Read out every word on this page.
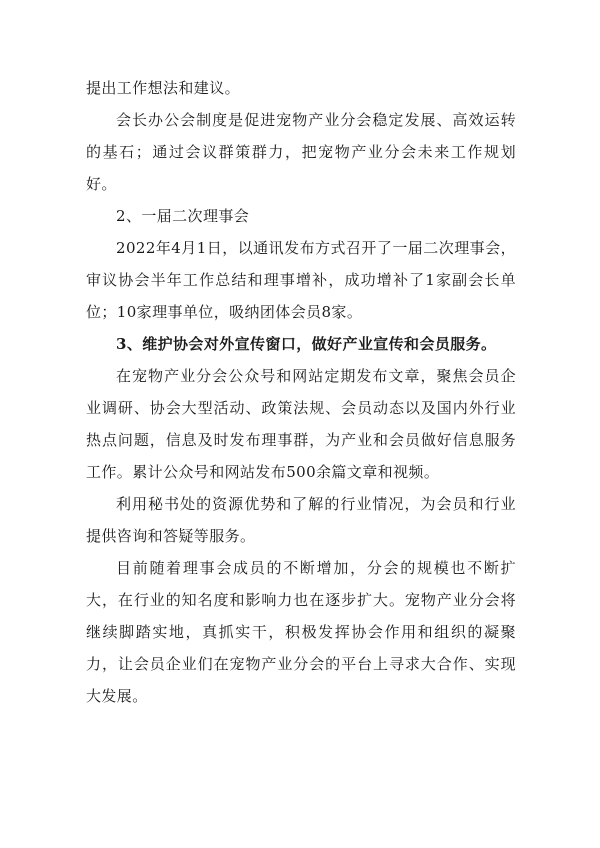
提出工作想法和建议。

会长办公会制度是促进宠物产业分会稳定发展、高效运转的基石；通过会议群策群力，把宠物产业分会未来工作规划好。

2、一届二次理事会

2022年4月1日，以通讯发布方式召开了一届二次理事会，审议协会半年工作总结和理事增补，成功增补了1家副会长单位；10家理事单位，吸纳团体会员8家。

3、维护协会对外宣传窗口，做好产业宣传和会员服务。

在宠物产业分会公众号和网站定期发布文章，聚焦会员企业调研、协会大型活动、政策法规、会员动态以及国内外行业热点问题，信息及时发布理事群，为产业和会员做好信息服务工作。累计公众号和网站发布500余篇文章和视频。

利用秘书处的资源优势和了解的行业情况，为会员和行业提供咨询和答疑等服务。

目前随着理事会成员的不断增加，分会的规模也不断扩大，在行业的知名度和影响力也在逐步扩大。宠物产业分会将继续脚踏实地，真抓实干，积极发挥协会作用和组织的凝聚力，让会员企业们在宠物产业分会的平台上寻求大合作、实现大发展。
